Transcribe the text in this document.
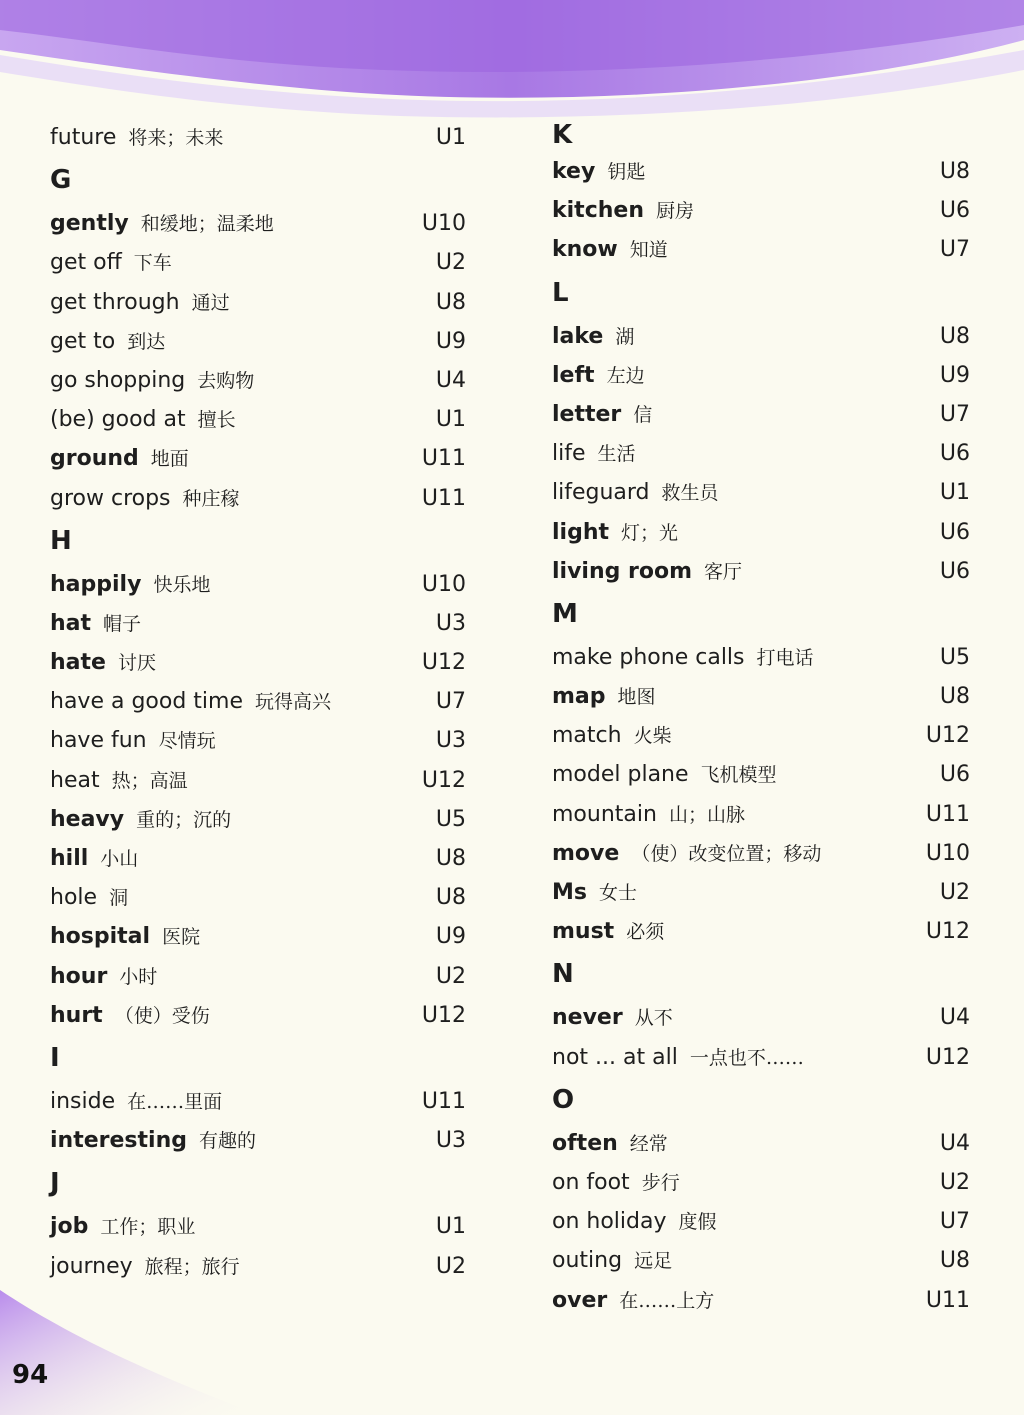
future 将来；未来	U1
G
gently 和缓地；温柔地	U10
get off 下车	U2
get through 通过	U8
get to 到达	U9
go shopping 去购物	U4
(be) good at 擅长	U1
ground 地面	U11
grow crops 种庄稼	U11
H
happily 快乐地	U10
hat 帽子	U3
hate 讨厌	U12
have a good time 玩得高兴	U7
have fun 尽情玩	U3
heat 热；高温	U12
heavy 重的；沉的	U5
hill 小山	U8
hole 洞	U8
hospital 医院	U9
hour 小时	U2
hurt （使）受伤	U12
I
inside 在……里面	U11
interesting 有趣的	U3
J
job 工作；职业	U1
journey 旅程；旅行	U2
K
key 钥匙	U8
kitchen 厨房	U6
know 知道	U7
L
lake 湖	U8
left 左边	U9
letter 信	U7
life 生活	U6
lifeguard 救生员	U1
light 灯；光	U6
living room 客厅	U6
M
make phone calls 打电话	U5
map 地图	U8
match 火柴	U12
model plane 飞机模型	U6
mountain 山；山脉	U11
move （使）改变位置；移动	U10
Ms 女士	U2
must 必须	U12
N
never 从不	U4
not ... at all 一点也不……	U12
O
often 经常	U4
on foot 步行	U2
on holiday 度假	U7
outing 远足	U8
over 在……上方	U11
94
